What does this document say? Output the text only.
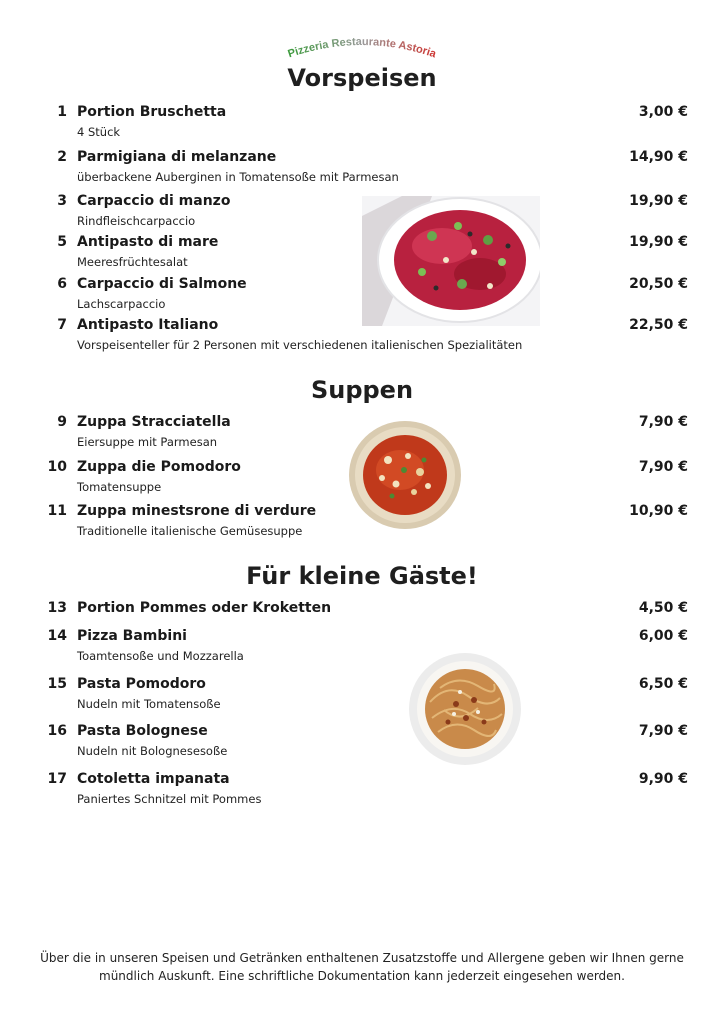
Pizzeria Restaurante Astoria
Vorspeisen
1 Portion Bruschetta	3,00 €
4 Stück
2 Parmigiana di melanzane	14,90 €
überbackene Auberginen in Tomatensoße mit Parmesan
3 Carpaccio di manzo	19,90 €
Rindfleischcarpaccio
5 Antipasto di mare	19,90 €
Meeresfrüchtesalat
6 Carpaccio di Salmone	20,50 €
Lachscarpaccio
7 Antipasto Italiano	22,50 €
Vorspeisenteller für 2 Personen mit verschiedenen italienischen Spezialitäten
Suppen
9 Zuppa Stracciatella	7,90 €
Eiersuppe mit Parmesan
10 Zuppa die Pomodoro	7,90 €
Tomatensuppe
11 Zuppa minestsrone di verdure	10,90 €
Traditionelle italienische Gemüsesuppe
Für kleine Gäste!
13 Portion Pommes oder Kroketten	4,50 €
14 Pizza Bambini	6,00 €
Toamtensoße und Mozzarella
15 Pasta Pomodoro	6,50 €
Nudeln mit Tomatensoße
16 Pasta Bolognese	7,90 €
Nudeln nit Bolognesesoße
17 Cotoletta impanata	9,90 €
Paniertes Schnitzel mit Pommes
Über die in unseren Speisen und Getränken enthaltenen Zusatzstoffe und Allergene geben wir Ihnen gerne
mündlich Auskunft. Eine schriftliche Dokumentation kann jederzeit eingesehen werden.
